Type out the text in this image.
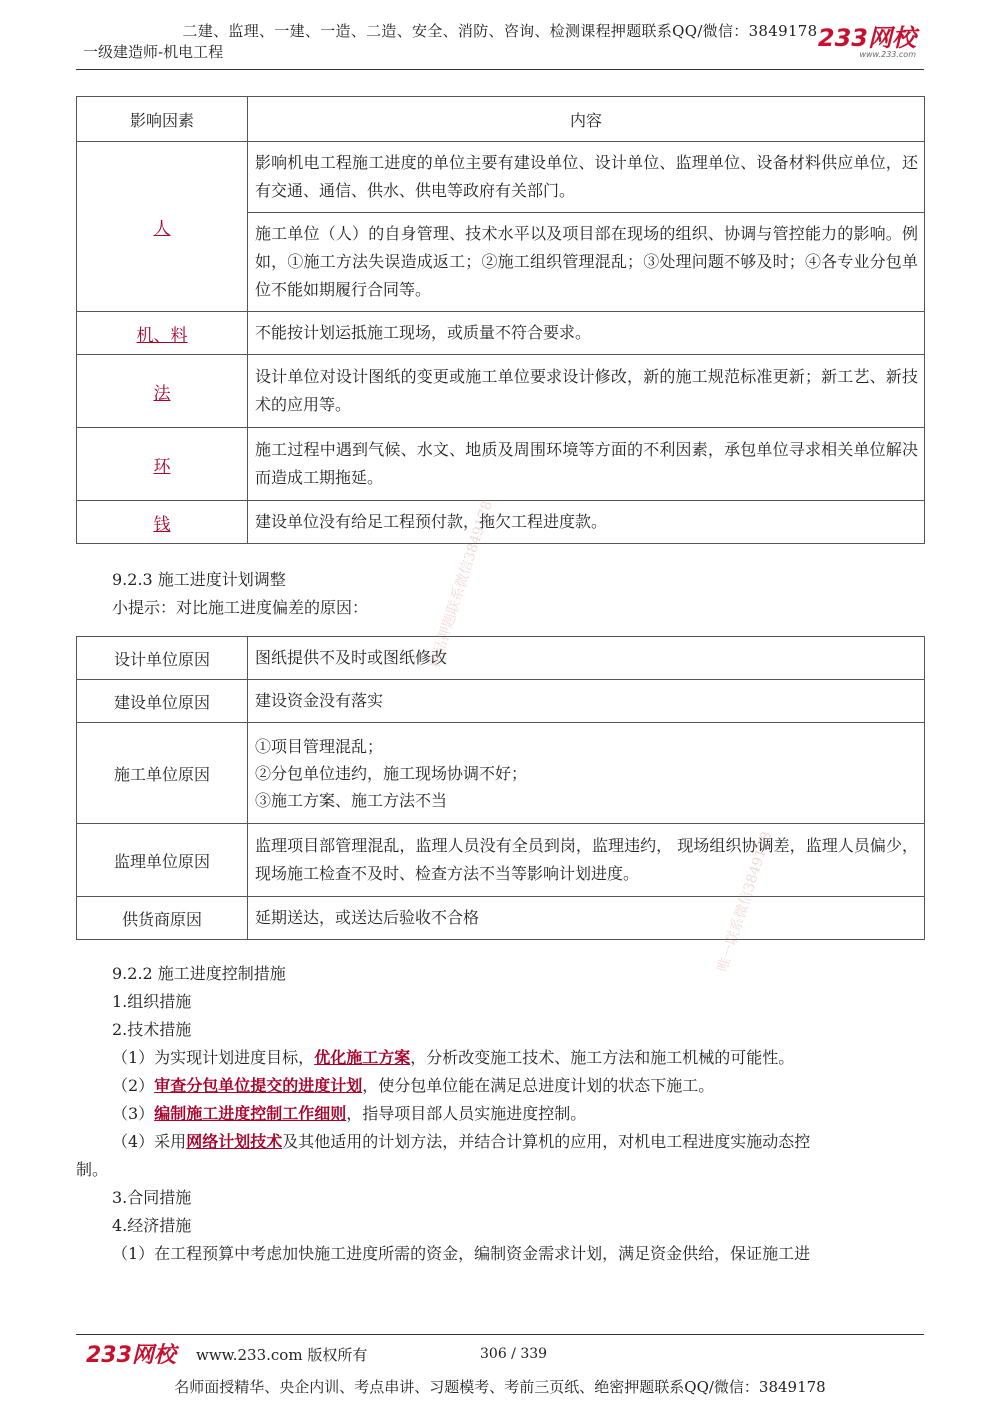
二建、监理、一建、一造、二造、安全、消防、咨询、检测课程押题联系QQ/微信：3849178
一级建造师-机电工程	233网校
www.233.com
影响因素	内容
人	影响机电工程施工进度的单位主要有建设单位、设计单位、监理单位、设备材料供应单位，还有交通、通信、供水、供电等政府有关部门。
	施工单位（人）的自身管理、技术水平以及项目部在现场的组织、协调与管控能力的影响。例如，①施工方法失误造成返工；②施工组织管理混乱；③处理问题不够及时；④各专业分包单位不能如期履行合同等。
机、料	不能按计划运抵施工现场，或质量不符合要求。
法	设计单位对设计图纸的变更或施工单位要求设计修改，新的施工规范标准更新；新工艺、新技术的应用等。
环	施工过程中遇到气候、水文、地质及周围环境等方面的不利因素，承包单位寻求相关单位解决而造成工期拖延。
钱	建设单位没有给足工程预付款，拖欠工程进度款。
9.2.3 施工进度计划调整
小提示：对比施工进度偏差的原因：
设计单位原因	图纸提供不及时或图纸修改
建设单位原因	建设资金没有落实
施工单位原因	①项目管理混乱；
②分包单位违约，施工现场协调不好；
③施工方案、施工方法不当

监理单位原因	监理项目部管理混乱，监理人员没有全员到岗，监理违约， 现场组织协调差，监理人员偏少，现场施工检查不及时、检查方法不当等影响计划进度。
供货商原因	延期送达，或送达后验收不合格
9.2.2 施工进度控制措施
1.组织措施
2.技术措施
（1）为实现计划进度目标，优化施工方案，分析改变施工技术、施工方法和施工机械的可能性。
（2）审查分包单位提交的进度计划，使分包单位能在满足总进度计划的状态下施工。
（3）编制施工进度控制工作细则，指导项目部人员实施进度控制。
（4）采用网络计划技术及其他适用的计划方法，并结合计算机的应用，对机电工程进度实施动态控
制。
3.合同措施
4.经济措施
（1）在工程预算中考虑加快施工进度所需的资金，编制资金需求计划，满足资金供给，保证施工进
精品押题联系微信3849178
唯一联系微信3849178
233网校 www.233.com 版权所有	306 / 339
名师面授精华、央企内训、考点串讲、习题模考、考前三页纸、绝密押题联系QQ/微信：3849178
